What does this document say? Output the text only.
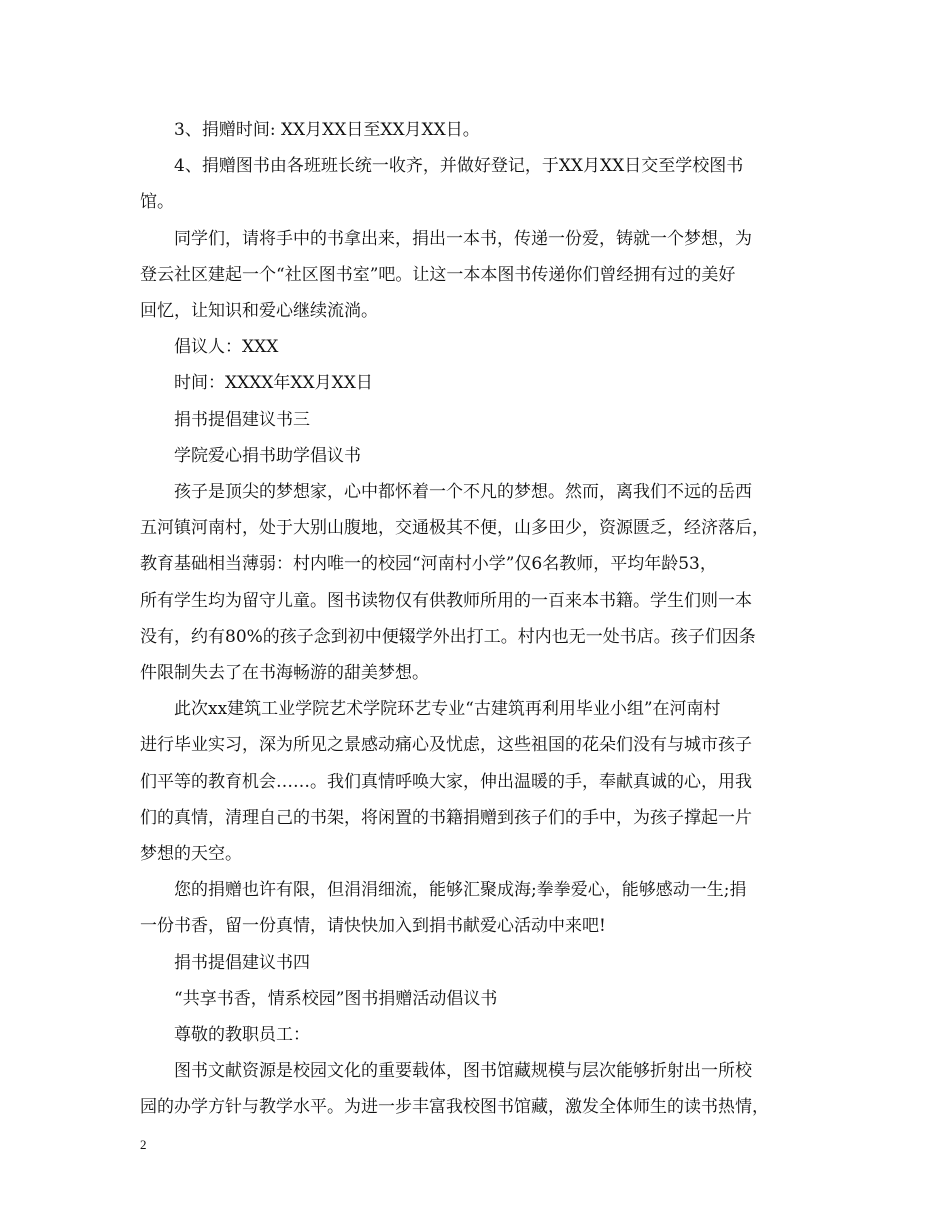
3、捐赠时间: XX月XX日至XX月XX日。
4、捐赠图书由各班班长统一收齐，并做好登记，于XX月XX日交至学校图书
馆。
同学们，请将手中的书拿出来，捐出一本书，传递一份爱，铸就一个梦想，为
登云社区建起一个“社区图书室”吧。让这一本本图书传递你们曾经拥有过的美好
回忆，让知识和爱心继续流淌。
倡议人：XXX
时间：XXXX年XX月XX日
捐书提倡建议书三
学院爱心捐书助学倡议书
孩子是顶尖的梦想家，心中都怀着一个不凡的梦想。然而，离我们不远的岳西
五河镇河南村，处于大别山腹地，交通极其不便，山多田少，资源匮乏，经济落后，
教育基础相当薄弱：村内唯一的校园“河南村小学”仅6名教师，平均年龄53，
所有学生均为留守儿童。图书读物仅有供教师所用的一百来本书籍。学生们则一本
没有，约有80%的孩子念到初中便辍学外出打工。村内也无一处书店。孩子们因条
件限制失去了在书海畅游的甜美梦想。
此次xx建筑工业学院艺术学院环艺专业“古建筑再利用毕业小组”在河南村
进行毕业实习，深为所见之景感动痛心及忧虑，这些祖国的花朵们没有与城市孩子
们平等的教育机会……。我们真情呼唤大家，伸出温暖的手，奉献真诚的心，用我
们的真情，清理自己的书架，将闲置的书籍捐赠到孩子们的手中，为孩子撑起一片
梦想的天空。
您的捐赠也许有限，但涓涓细流，能够汇聚成海;拳拳爱心，能够感动一生;捐
一份书香，留一份真情，请快快加入到捐书献爱心活动中来吧!
捐书提倡建议书四
“共享书香，情系校园”图书捐赠活动倡议书
尊敬的教职员工：
图书文献资源是校园文化的重要载体，图书馆藏规模与层次能够折射出一所校
园的办学方针与教学水平。为进一步丰富我校图书馆藏，激发全体师生的读书热情，
2
